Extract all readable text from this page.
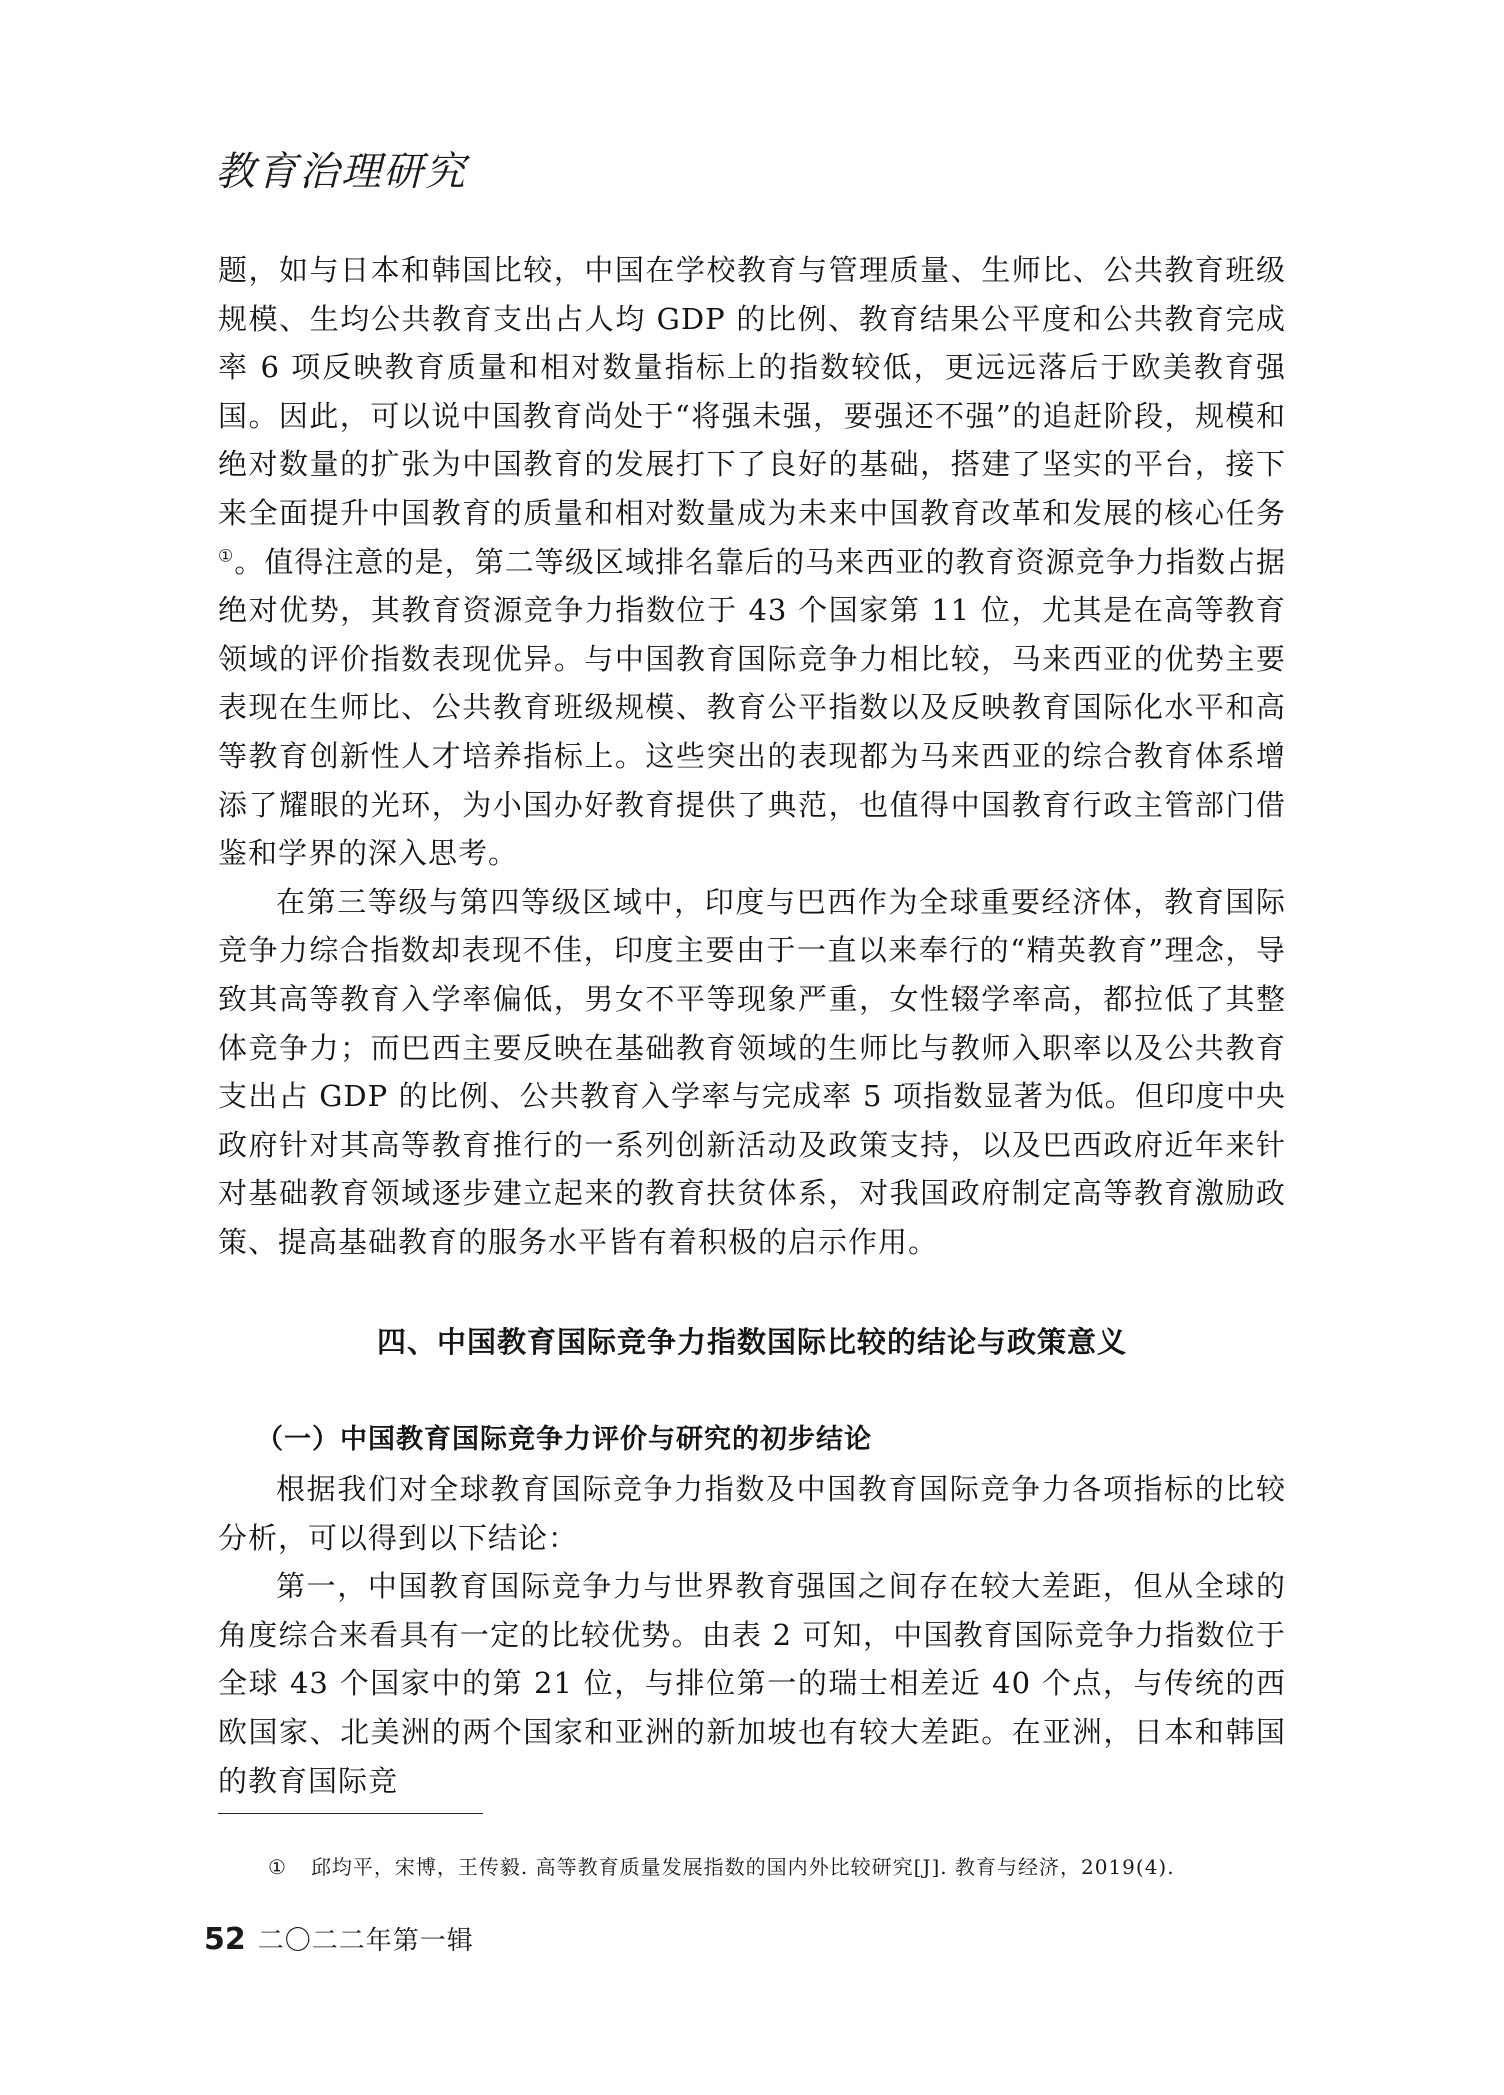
教育治理研究

题，如与日本和韩国比较，中国在学校教育与管理质量、生师比、公共教育班级规模、生均公共教育支出占人均 GDP 的比例、教育结果公平度和公共教育完成率 6 项反映教育质量和相对数量指标上的指数较低，更远远落后于欧美教育强国。因此，可以说中国教育尚处于“将强未强，要强还不强”的追赶阶段，规模和绝对数量的扩张为中国教育的发展打下了良好的基础，搭建了坚实的平台，接下来全面提升中国教育的质量和相对数量成为未来中国教育改革和发展的核心任务①。值得注意的是，第二等级区域排名靠后的马来西亚的教育资源竞争力指数占据绝对优势，其教育资源竞争力指数位于 43 个国家第 11 位，尤其是在高等教育领域的评价指数表现优异。与中国教育国际竞争力相比较，马来西亚的优势主要表现在生师比、公共教育班级规模、教育公平指数以及反映教育国际化水平和高等教育创新性人才培养指标上。这些突出的表现都为马来西亚的综合教育体系增添了耀眼的光环，为小国办好教育提供了典范，也值得中国教育行政主管部门借鉴和学界的深入思考。

在第三等级与第四等级区域中，印度与巴西作为全球重要经济体，教育国际竞争力综合指数却表现不佳，印度主要由于一直以来奉行的“精英教育”理念，导致其高等教育入学率偏低，男女不平等现象严重，女性辍学率高，都拉低了其整体竞争力；而巴西主要反映在基础教育领域的生师比与教师入职率以及公共教育支出占 GDP 的比例、公共教育入学率与完成率 5 项指数显著为低。但印度中央政府针对其高等教育推行的一系列创新活动及政策支持，以及巴西政府近年来针对基础教育领域逐步建立起来的教育扶贫体系，对我国政府制定高等教育激励政策、提高基础教育的服务水平皆有着积极的启示作用。

四、中国教育国际竞争力指数国际比较的结论与政策意义
（一）中国教育国际竞争力评价与研究的初步结论

根据我们对全球教育国际竞争力指数及中国教育国际竞争力各项指标的比较分析，可以得到以下结论：

第一，中国教育国际竞争力与世界教育强国之间存在较大差距，但从全球的角度综合来看具有一定的比较优势。由表 2 可知，中国教育国际竞争力指数位于全球 43 个国家中的第 21 位，与排位第一的瑞士相差近 40 个点，与传统的西欧国家、北美洲的两个国家和亚洲的新加坡也有较大差距。在亚洲，日本和韩国的教育国际竞

① 邱均平，宋博，王传毅. 高等教育质量发展指数的国内外比较研究[J]. 教育与经济，2019(4).
52 二〇二二年第一辑
